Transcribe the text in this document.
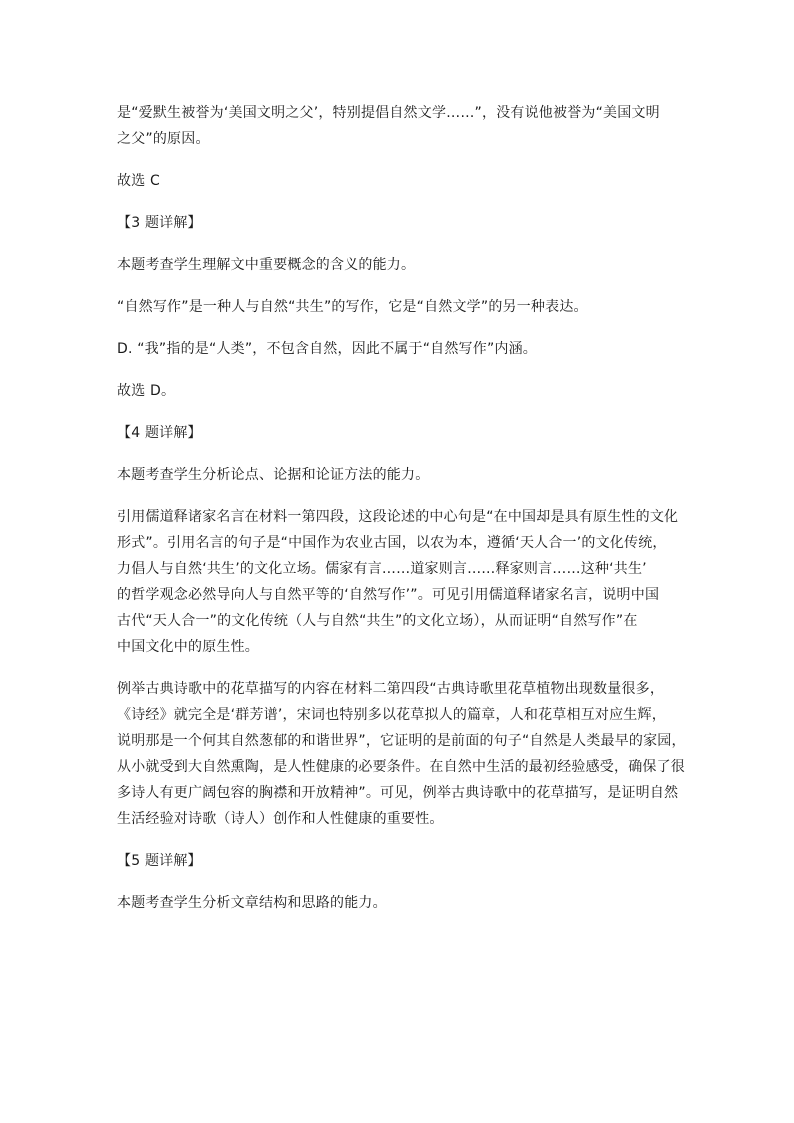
是“爱默生被誉为‘美国文明之父’，特别提倡自然文学……”，没有说他被誉为“美国文明
之父”的原因。

故选 C

【3 题详解】

本题考查学生理解文中重要概念的含义的能力。

“自然写作”是一种人与自然“共生”的写作，它是“自然文学”的另一种表达。

D. “我”指的是“人类”，不包含自然，因此不属于“自然写作”内涵。

故选 D。

【4 题详解】

本题考查学生分析论点、论据和论证方法的能力。

引用儒道释诸家名言在材料一第四段，这段论述的中心句是“在中国却是具有原生性的文化
形式”。引用名言的句子是“中国作为农业古国，以农为本，遵循‘天人合一’的文化传统，
力倡人与自然‘共生’的文化立场。儒家有言……道家则言……释家则言……这种‘共生’
的哲学观念必然导向人与自然平等的‘自然写作’”。可见引用儒道释诸家名言，说明中国
古代“天人合一”的文化传统（人与自然“共生”的文化立场），从而证明“自然写作”在
中国文化中的原生性。

例举古典诗歌中的花草描写的内容在材料二第四段“古典诗歌里花草植物出现数量很多，
《诗经》就完全是‘群芳谱’，宋词也特别多以花草拟人的篇章，人和花草相互对应生辉，
说明那是一个何其自然葱郁的和谐世界”，它证明的是前面的句子“自然是人类最早的家园，
从小就受到大自然熏陶，是人性健康的必要条件。在自然中生活的最初经验感受，确保了很
多诗人有更广阔包容的胸襟和开放精神”。可见，例举古典诗歌中的花草描写，是证明自然
生活经验对诗歌（诗人）创作和人性健康的重要性。

【5 题详解】

本题考查学生分析文章结构和思路的能力。
